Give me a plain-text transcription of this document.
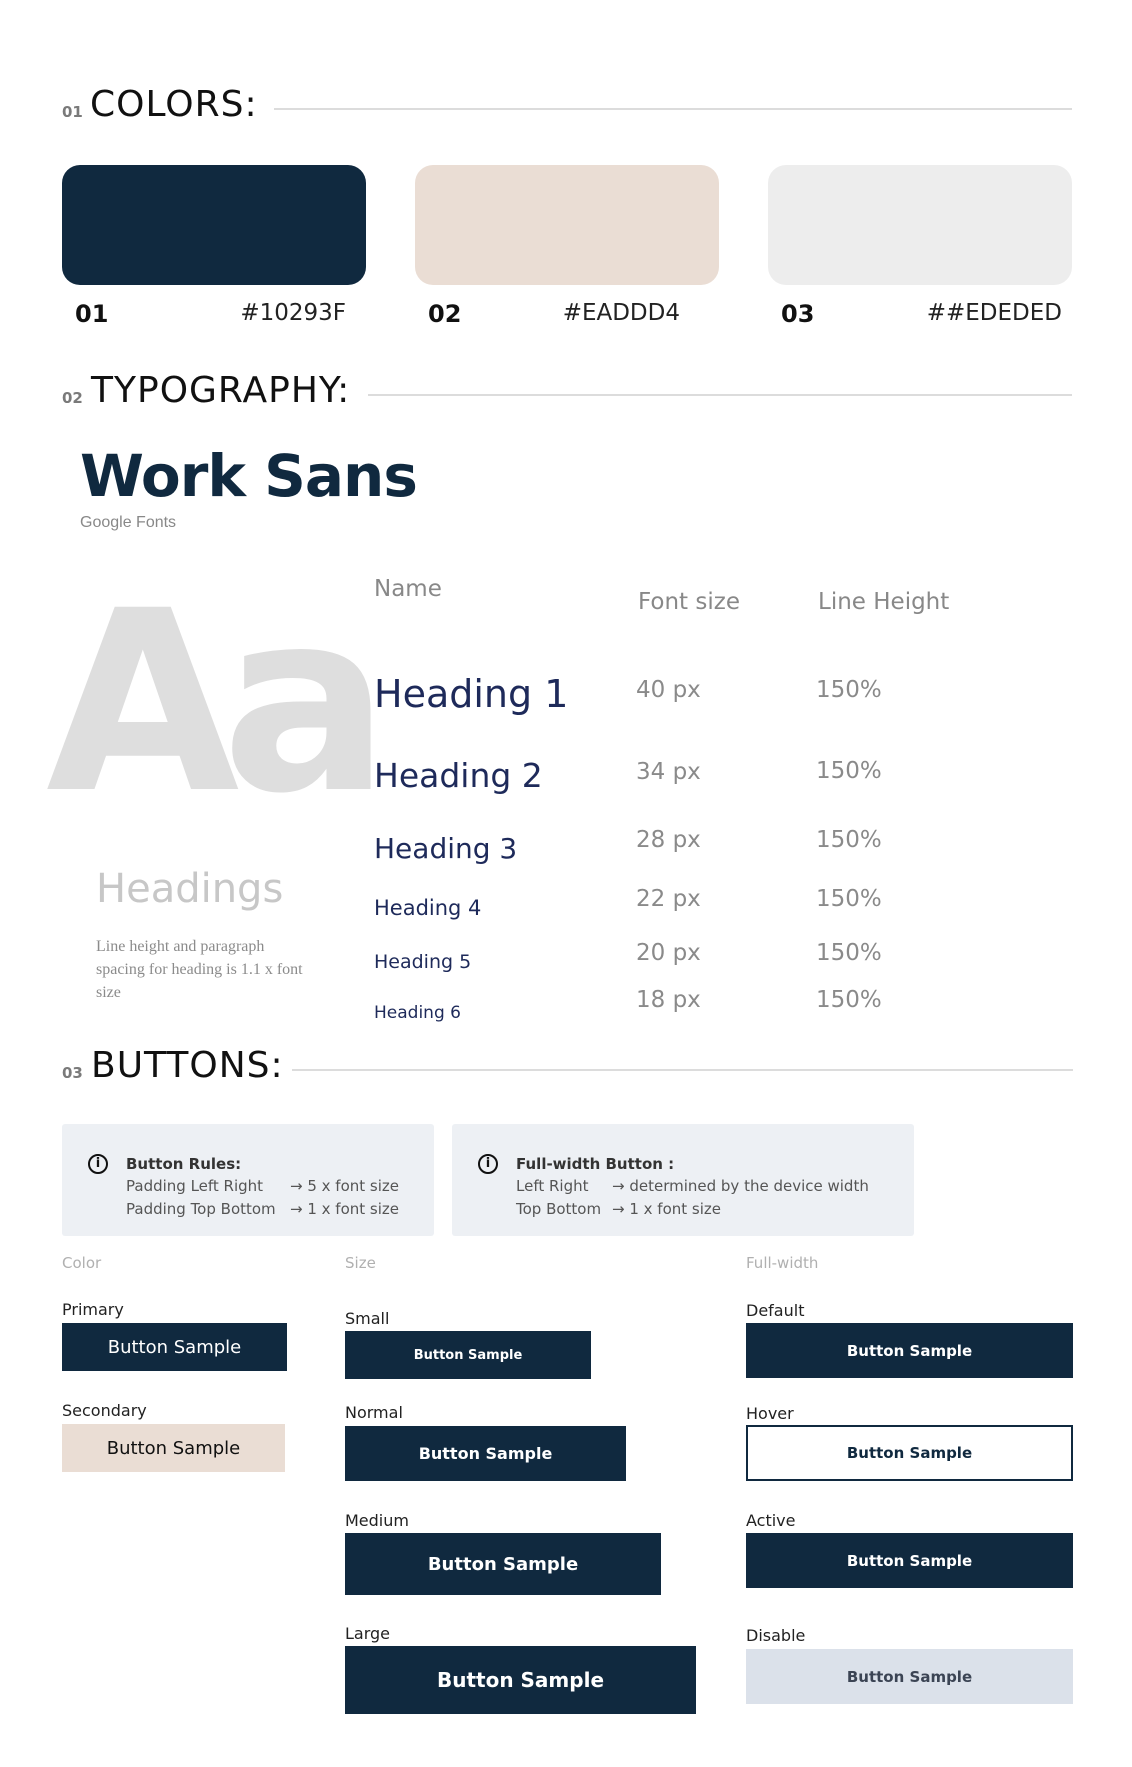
01 COLORS:
01	#10293F	02	#EADDD4	03	##EDEDED
02 TYPOGRAPHY:
Work Sans
Google Fonts
Name	Font size	Line Height
Aa
Headings
Line height and paragraph spacing for heading is 1.1 x font size
Heading 1	40 px	150%
Heading 2	34 px	150%
Heading 3	28 px	150%
Heading 4	22 px	150%
Heading 5	20 px	150%
Heading 6	18 px	150%
03 BUTTONS:
i	Button Rules:
Padding Left Right → 5 x font size
Padding Top Bottom → 1 x font size
i	Full-width Button :
Left Right → determined by the device width
Top Bottom → 1 x font size
Color	Size	Full-width
Primary
Button Sample
Secondary
Button Sample
Small
Button Sample
Normal
Button Sample
Medium
Button Sample
Large
Button Sample
Default
Button Sample
Hover
Button Sample
Active
Button Sample
Disable
Button Sample
